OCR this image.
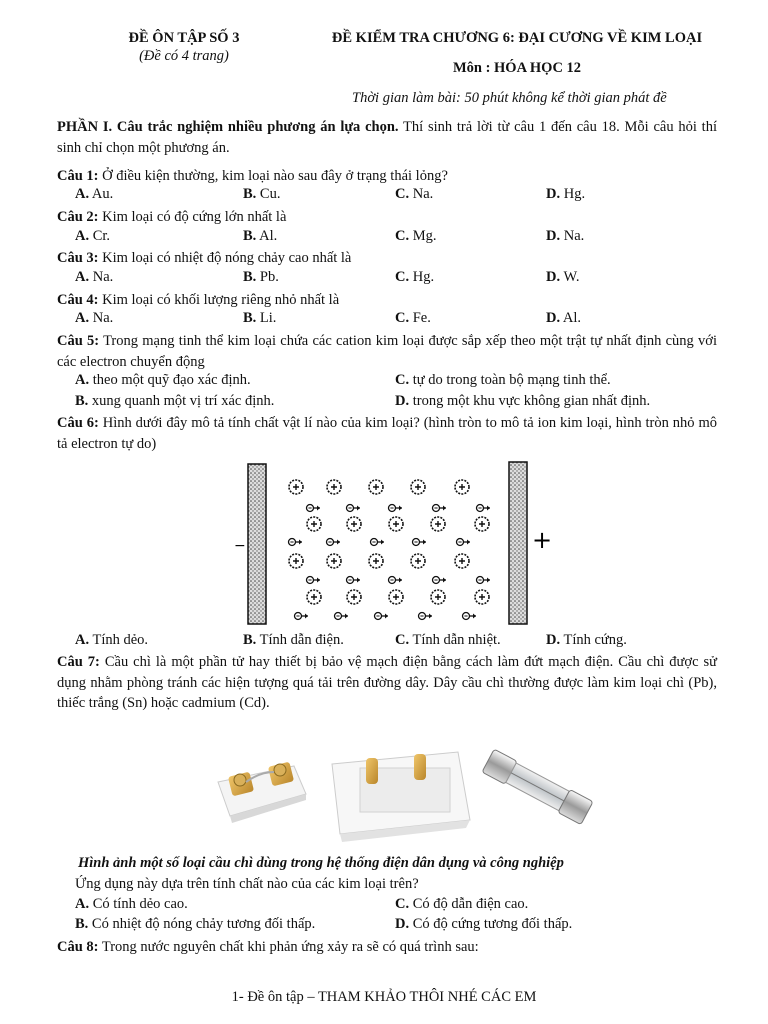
ĐỀ ÔN TẬP SỐ 3
(Đề có 4 trang)
ĐỀ KIỂM TRA CHƯƠNG 6: ĐẠI CƯƠNG VỀ KIM LOẠI
Môn : HÓA HỌC 12
Thời gian làm bài: 50 phút không kể thời gian phát đề
PHẦN I. Câu trắc nghiệm nhiều phương án lựa chọn. Thí sinh trả lời từ câu 1 đến câu 18. Mỗi câu hỏi thí sinh chỉ chọn một phương án.
Câu 1: Ở điều kiện thường, kim loại nào sau đây ở trạng thái lỏng?
A. Au.	B. Cu.	C. Na.	D. Hg.
Câu 2: Kim loại có độ cứng lớn nhất là
A. Cr.	B. Al.	C. Mg.	D. Na.
Câu 3: Kim loại có nhiệt độ nóng chảy cao nhất là
A. Na.	B. Pb.	C. Hg.	D. W.
Câu 4: Kim loại có khối lượng riêng nhỏ nhất là
A. Na.	B. Li.	C. Fe.	D. Al.
Câu 5: Trong mạng tinh thể kim loại chứa các cation kim loại được sắp xếp theo một trật tự nhất định cùng với các electron chuyển động
A. theo một quỹ đạo xác định.	C. tự do trong toàn bộ mạng tinh thể.
B. xung quanh một vị trí xác định.	D. trong một khu vực không gian nhất định.
Câu 6: Hình dưới đây mô tả tính chất vật lí nào của kim loại? (hình tròn to mô tả ion kim loại, hình tròn nhỏ mô tả electron tự do)
−	+
A. Tính dẻo.	B. Tính dẫn điện.	C. Tính dẫn nhiệt.	D. Tính cứng.
Câu 7: Cầu chì là một phần tử hay thiết bị bảo vệ mạch điện bằng cách làm đứt mạch điện. Cầu chì được sử dụng nhằm phòng tránh các hiện tượng quá tải trên đường dây. Dây cầu chì thường được làm kim loại chì (Pb), thiếc trắng (Sn) hoặc cadmium (Cd).
Hình ảnh một số loại cầu chì dùng trong hệ thống điện dân dụng và công nghiệp
Ứng dụng này dựa trên tính chất nào của các kim loại trên?
A. Có tính dẻo cao.	C. Có độ dẫn điện cao.
B. Có nhiệt độ nóng chảy tương đối thấp.	D. Có độ cứng tương đối thấp.
Câu 8: Trong nước nguyên chất khi phản ứng xảy ra sẽ có quá trình sau:
1- Đề ôn tập – THAM KHẢO THÔI NHÉ CÁC EM
